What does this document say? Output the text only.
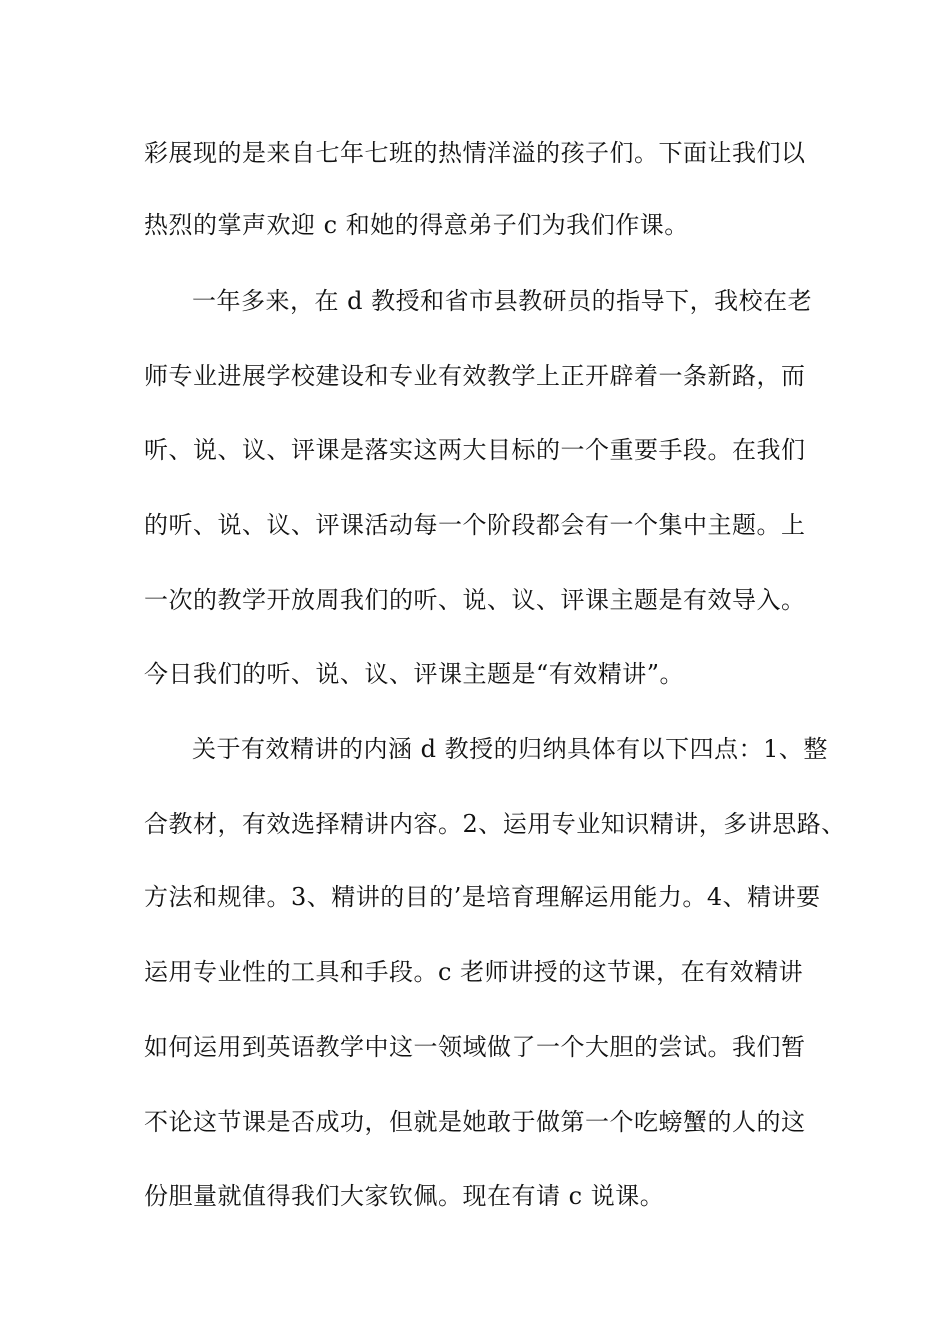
彩展现的是来自七年七班的热情洋溢的孩子们。下面让我们以
热烈的掌声欢迎 c 和她的得意弟子们为我们作课。
一年多来，在 d 教授和省市县教研员的指导下，我校在老
师专业进展学校建设和专业有效教学上正开辟着一条新路，而
听、说、议、评课是落实这两大目标的一个重要手段。在我们
的听、说、议、评课活动每一个阶段都会有一个集中主题。上
一次的教学开放周我们的听、说、议、评课主题是有效导入。
今日我们的听、说、议、评课主题是“有效精讲”。
关于有效精讲的内涵 d 教授的归纳具体有以下四点：1、整
合教材，有效选择精讲内容。2、运用专业知识精讲，多讲思路、
方法和规律。3、精讲的目的’是培育理解运用能力。4、精讲要
运用专业性的工具和手段。c 老师讲授的这节课，在有效精讲
如何运用到英语教学中这一领域做了一个大胆的尝试。我们暂
不论这节课是否成功，但就是她敢于做第一个吃螃蟹的人的这
份胆量就值得我们大家钦佩。现在有请 c 说课。
